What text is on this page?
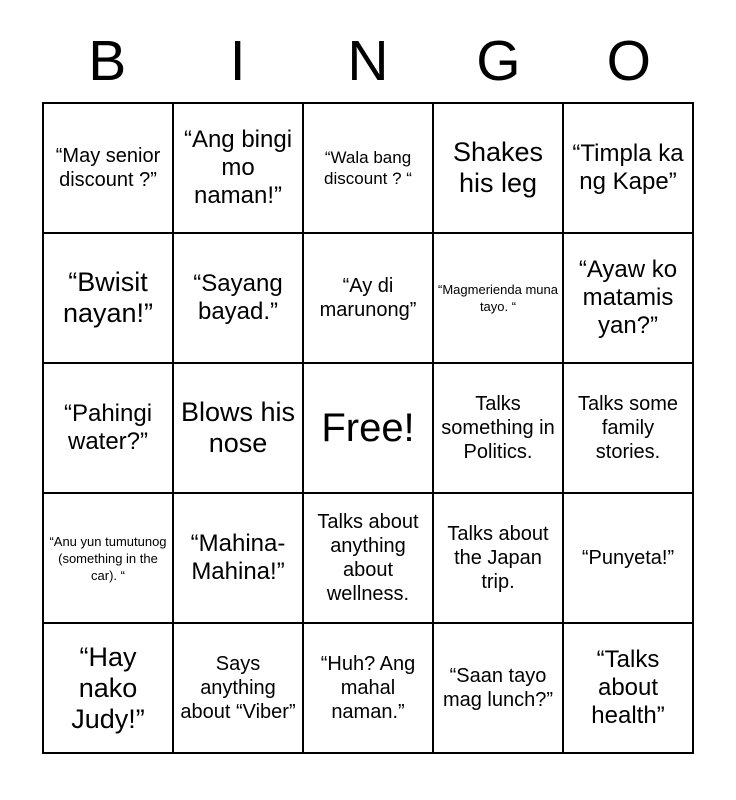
B	I	N	G	O
“May senior discount ?”	“Ang bingi mo naman!”	“Wala bang discount ? “	Shakes his leg	“Timpla ka ng Kape”
“Bwisit nayan!”	“Sayang bayad.”	“Ay di marunong”	“Magmerienda muna tayo. “	“Ayaw ko matamis yan?”
“Pahingi water?”	Blows his nose	Free!	Talks something in Politics.	Talks some family stories.
“Anu yun tumutunog (something in the car). “	“Mahina-Mahina!”	Talks about anything about wellness.	Talks about the Japan trip.	“Punyeta!”
“Hay nako Judy!”	Says anything about “Viber”	“Huh? Ang mahal naman.”	“Saan tayo mag lunch?”	“Talks about health”
